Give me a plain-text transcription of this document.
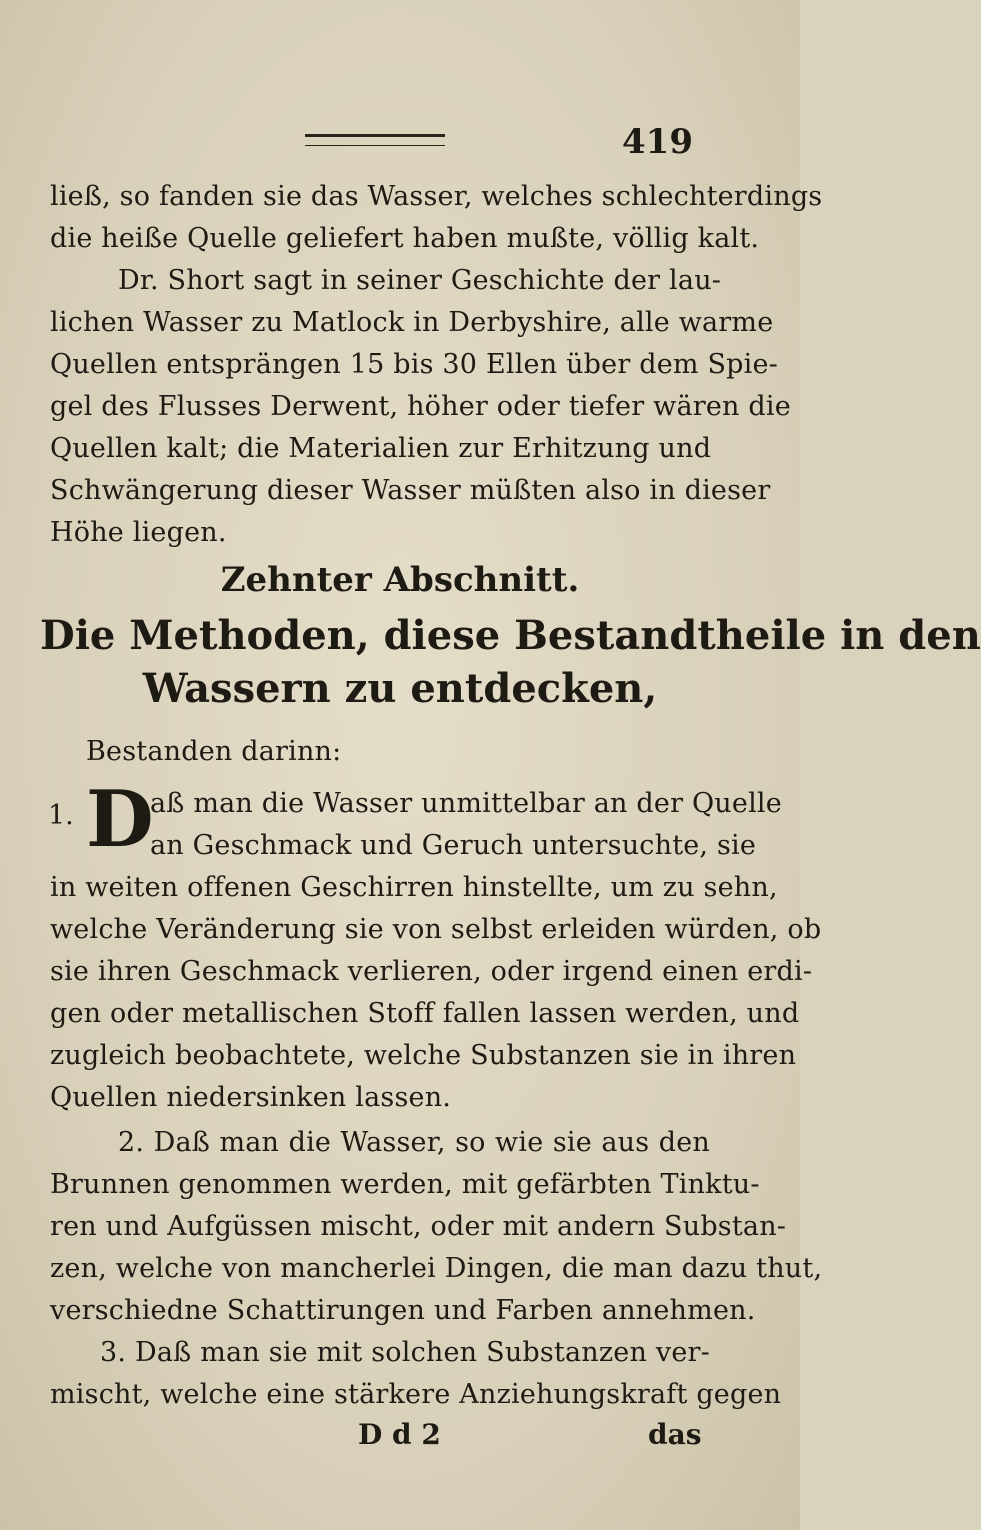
419
ließ, so fanden sie das Wasser, welches schlechterdings
die heiße Quelle geliefert haben mußte, völlig kalt.
Dr. Short sagt in seiner Geschichte der lau-
lichen Wasser zu Matlock in Derbyshire, alle warme
Quellen entsprängen 15 bis 30 Ellen über dem Spie-
gel des Flusses Derwent, höher oder tiefer wären die
Quellen kalt; die Materialien zur Erhitzung und
Schwängerung dieser Wasser müßten also in dieser
Höhe liegen.
Zehnter Abschnitt.
Die Methoden, diese Bestandtheile in den
Wassern zu entdecken,
Bestanden darinn:
1. D
aß man die Wasser unmittelbar an der Quelle
an Geschmack und Geruch untersuchte, sie
in weiten offenen Geschirren hinstellte, um zu sehn,
welche Veränderung sie von selbst erleiden würden, ob
sie ihren Geschmack verlieren, oder irgend einen erdi-
gen oder metallischen Stoff fallen lassen werden, und
zugleich beobachtete, welche Substanzen sie in ihren
Quellen niedersinken lassen.
2. Daß man die Wasser, so wie sie aus den
Brunnen genommen werden, mit gefärbten Tinktu-
ren und Aufgüssen mischt, oder mit andern Substan-
zen, welche von mancherlei Dingen, die man dazu thut,
verschiedne Schattirungen und Farben annehmen.
3. Daß man sie mit solchen Substanzen ver-
mischt, welche eine stärkere Anziehungskraft gegen
D d 2	das
